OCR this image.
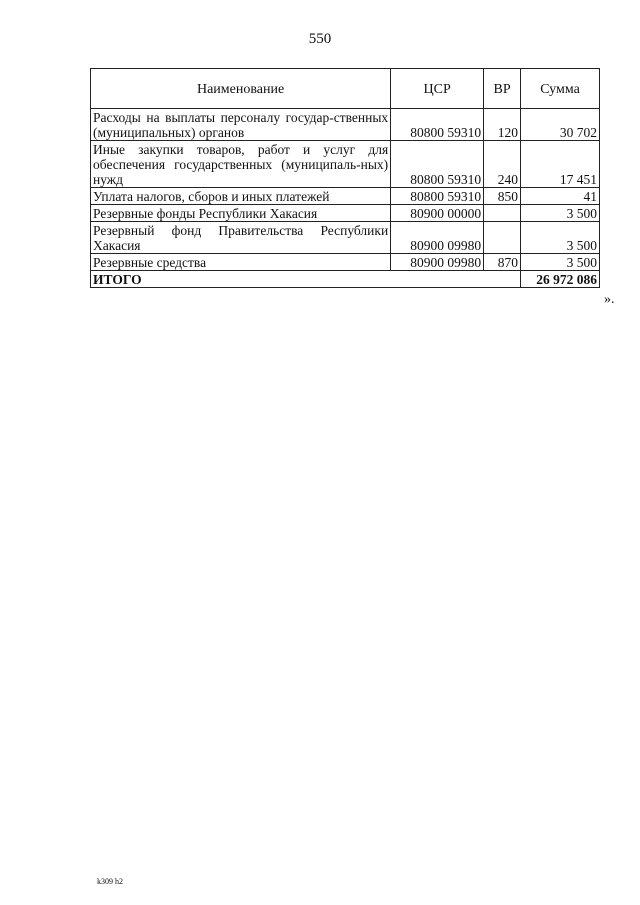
550
Наименование	ЦСР	ВР	Сумма
Расходы на выплаты персоналу государ-ственных (муниципальных) органов	80800 59310	120	30 702
Иные закупки товаров, работ и услуг для обеспечения государственных (муниципаль-ных) нужд	80800 59310	240	17 451
Уплата налогов, сборов и иных платежей	80800 59310	850	41
Резервные фонды Республики Хакасия	80900 00000		3 500
Резервный фонд Правительства Республики Хакасия	80900 09980		3 500
Резервные средства	80900 09980	870	3 500
ИТОГО			26 972 086
».
k309 h2
